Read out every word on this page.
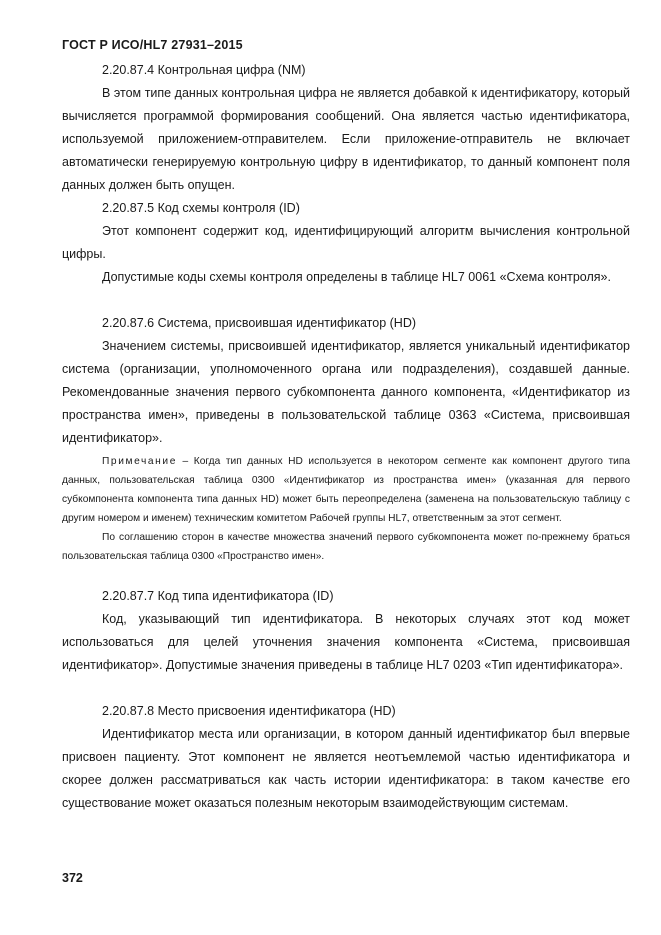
ГОСТ Р ИСО/HL7 27931–2015
2.20.87.4 Контрольная цифра (NM)

В этом типе данных контрольная цифра не является добавкой к идентификатору, который вычисляется программой формирования сообщений. Она является частью идентификатора, используемой приложением-отправителем. Если приложение-отправитель не включает автоматически генерируемую контрольную цифру в идентификатор, то данный компонент поля данных должен быть опущен.

2.20.87.5 Код схемы контроля (ID)

Этот компонент содержит код, идентифицирующий алгоритм вычисления контрольной цифры.

Допустимые коды схемы контроля определены в таблице HL7 0061 «Схема контроля».

2.20.87.6 Система, присвоившая идентификатор (HD)

Значением системы, присвоившей идентификатор, является уникальный идентификатор система (организации, уполномоченного органа или подразделения), создавшей данные. Рекомендованные значения первого субкомпонента данного компонента, «Идентификатор из пространства имен», приведены в пользовательской таблице 0363 «Система, присвоившая идентификатор».

Примечание – Когда тип данных HD используется в некотором сегменте как компонент другого типа данных, пользовательская таблица 0300 «Идентификатор из пространства имен» (указанная для первого субкомпонента компонента типа данных HD) может быть переопределена (заменена на пользовательскую таблицу с другим номером и именем) техническим комитетом Рабочей группы HL7, ответственным за этот сегмент.

По соглашению сторон в качестве множества значений первого субкомпонента может по-прежнему браться пользовательская таблица 0300 «Пространство имен».

2.20.87.7 Код типа идентификатора (ID)

Код, указывающий тип идентификатора. В некоторых случаях этот код может использоваться для целей уточнения значения компонента «Система, присвоившая идентификатор». Допустимые значения приведены в таблице HL7 0203 «Тип идентификатора».

2.20.87.8 Место присвоения идентификатора (HD)

Идентификатор места или организации, в котором данный идентификатор был впервые присвоен пациенту. Этот компонент не является неотъемлемой частью идентификатора и скорее должен рассматриваться как часть истории идентификатора: в таком качестве его существование может оказаться полезным некоторым взаимодействующим системам.

372
